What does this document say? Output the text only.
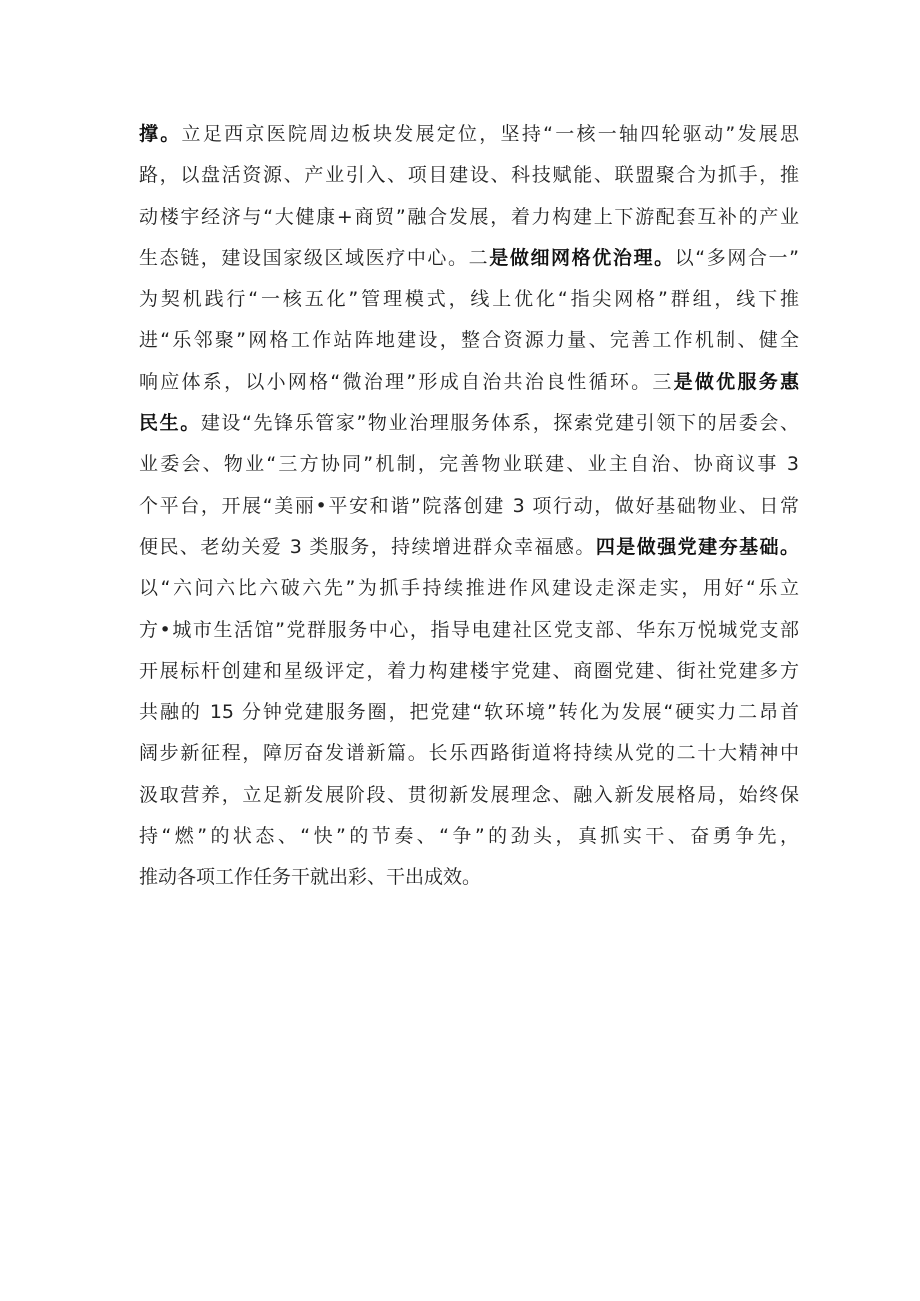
撑。立足西京医院周边板块发展定位，坚持“一核一轴四轮驱动”发展思
路，以盘活资源、产业引入、项目建设、科技赋能、联盟聚合为抓手，推
动楼宇经济与“大健康+商贸”融合发展，着力构建上下游配套互补的产业
生态链，建设国家级区域医疗中心。二是做细网格优治理。以“多网合一”
为契机践行“一核五化”管理模式，线上优化“指尖网格”群组，线下推
进“乐邻聚”网格工作站阵地建设，整合资源力量、完善工作机制、健全
响应体系，以小网格“微治理”形成自治共治良性循环。三是做优服务惠
民生。建设“先锋乐管家”物业治理服务体系，探索党建引领下的居委会、
业委会、物业“三方协同”机制，完善物业联建、业主自治、协商议事 3
个平台，开展“美丽•平安和谐”院落创建 3 项行动，做好基础物业、日常
便民、老幼关爱 3 类服务，持续增进群众幸福感。四是做强党建夯基础。
以“六问六比六破六先”为抓手持续推进作风建设走深走实，用好“乐立
方•城市生活馆”党群服务中心，指导电建社区党支部、华东万悦城党支部
开展标杆创建和星级评定，着力构建楼宇党建、商圈党建、街社党建多方
共融的 15 分钟党建服务圈，把党建“软环境”转化为发展“硬实力二昂首
阔步新征程，障厉奋发谱新篇。长乐西路街道将持续从党的二十大精神中
汲取营养，立足新发展阶段、贯彻新发展理念、融入新发展格局，始终保
持“燃”的状态、“快”的节奏、“争”的劲头，真抓实干、奋勇争先，
推动各项工作任务干就出彩、干出成效。
